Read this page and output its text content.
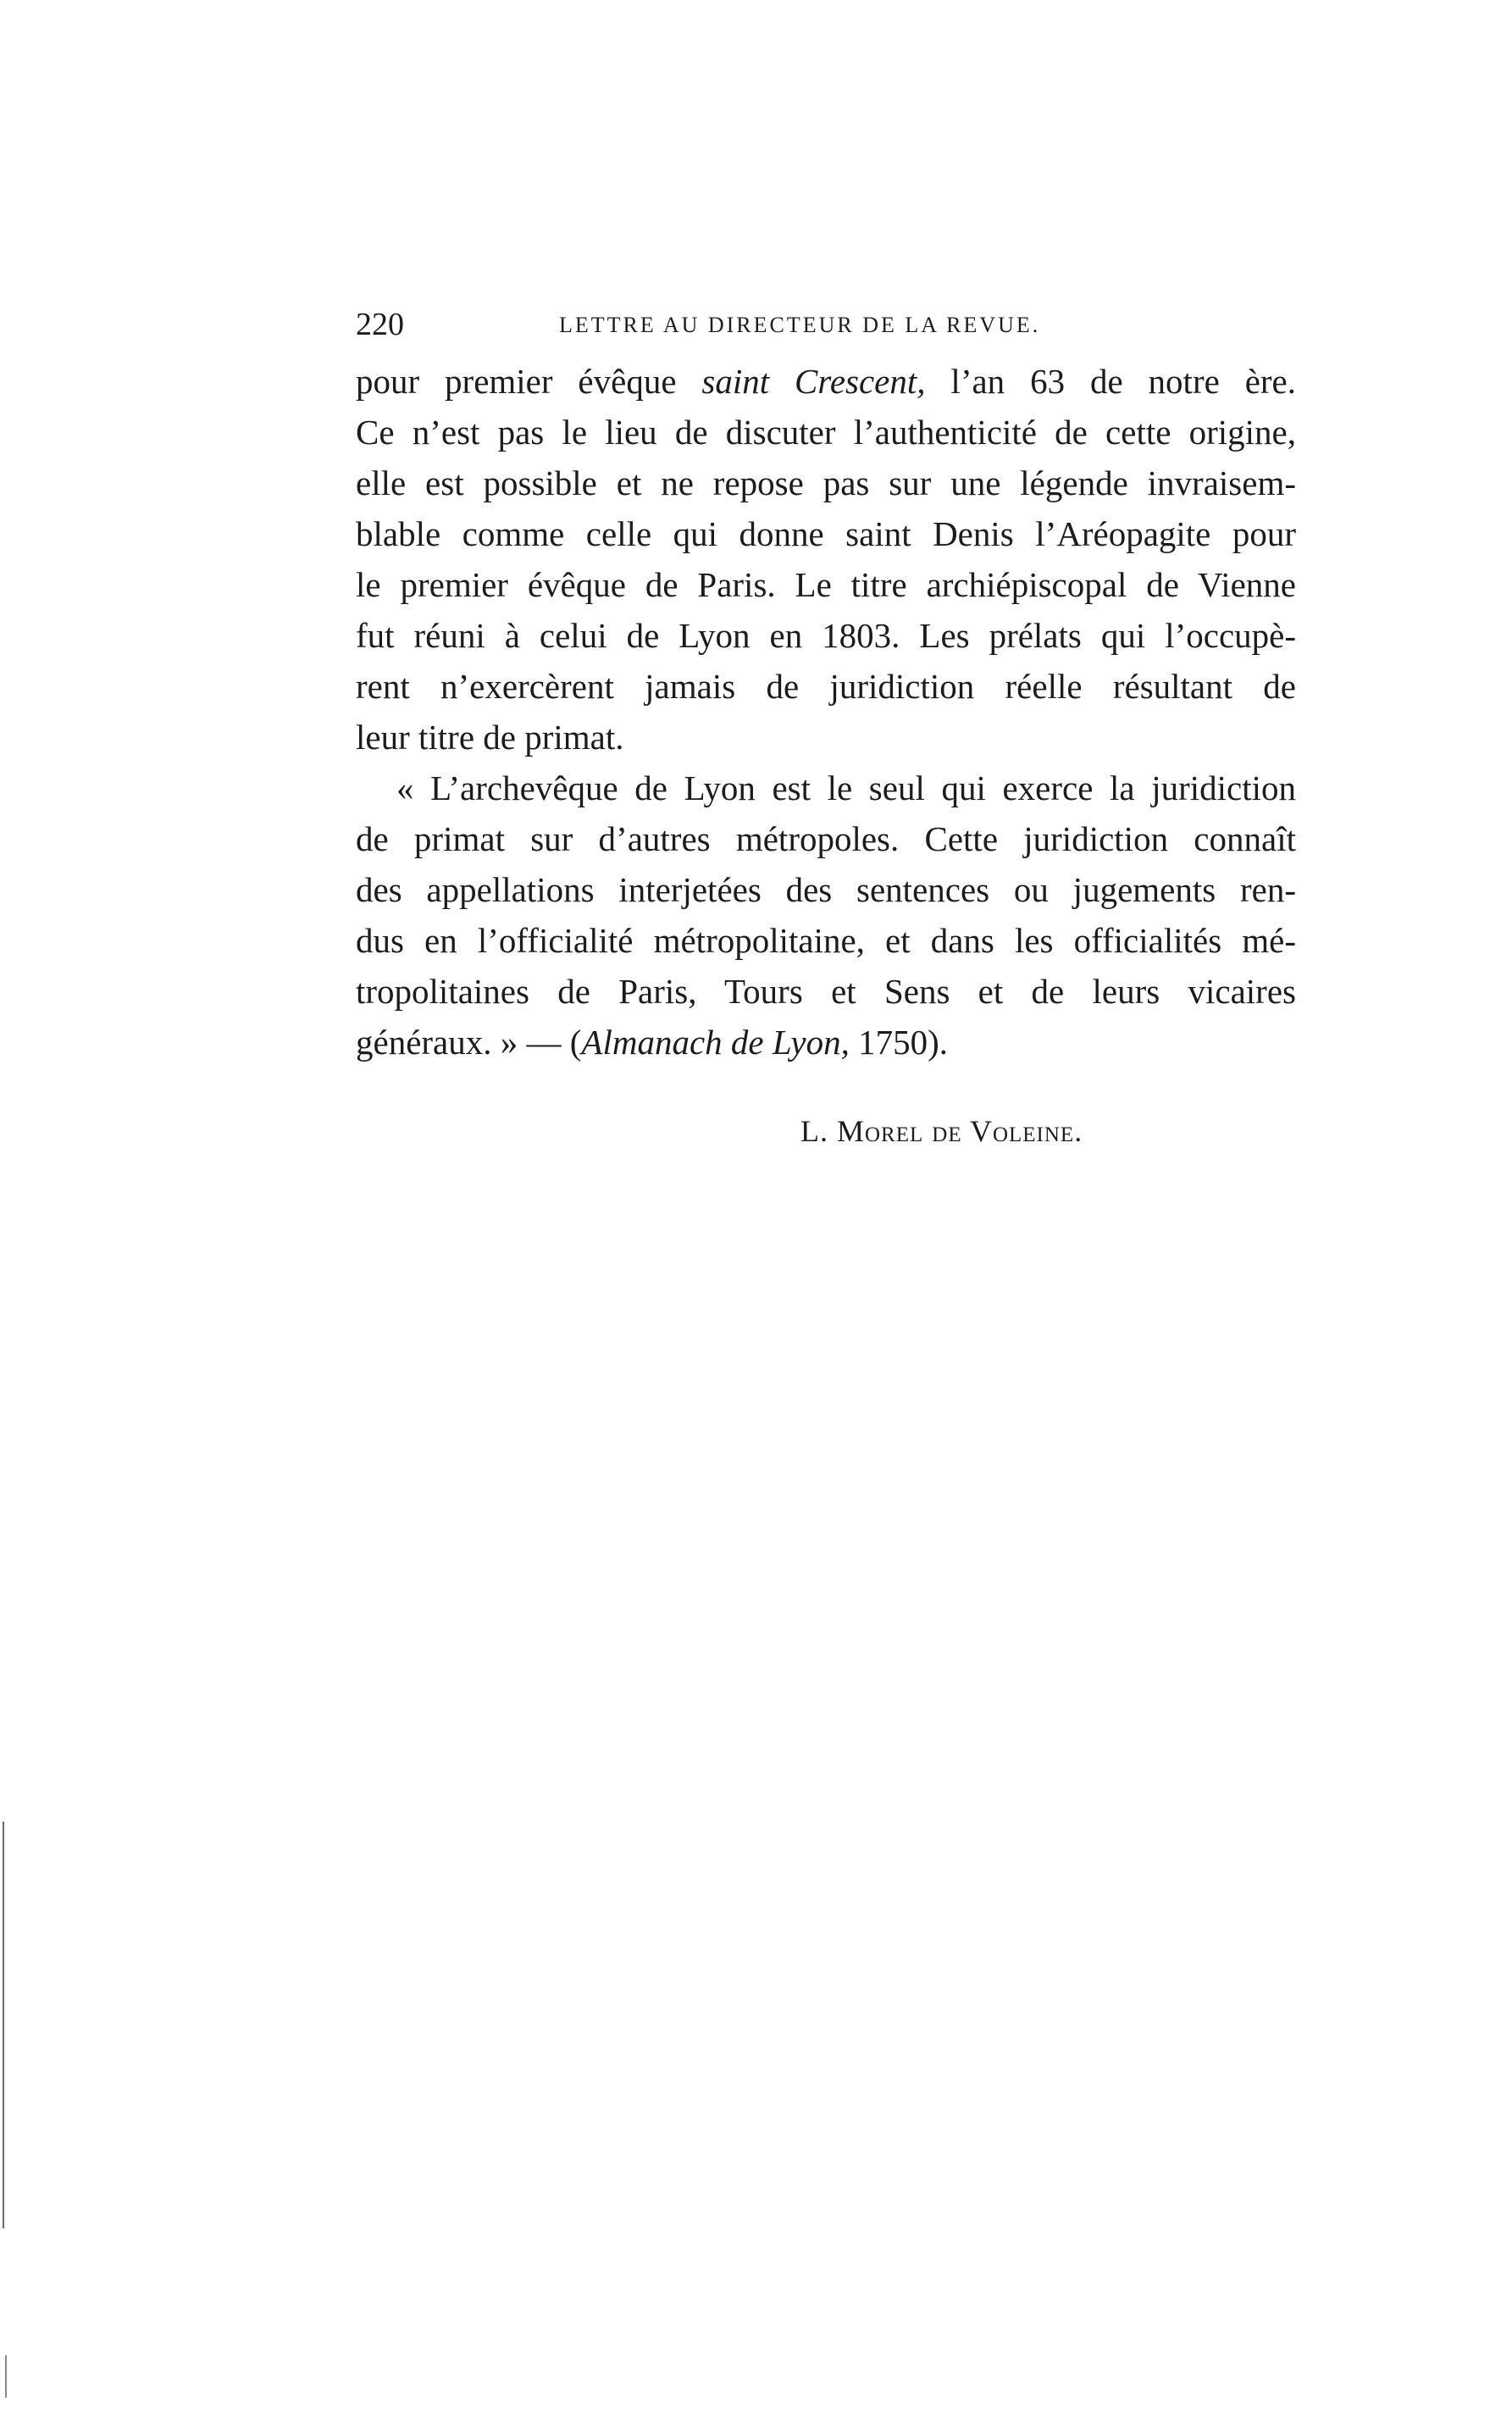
220	LETTRE AU DIRECTEUR DE LA REVUE.
pour premier évêque saint Crescent, l’an 63 de notre ère.
Ce n’est pas le lieu de discuter l’authenticité de cette origine,
elle est possible et ne repose pas sur une légende invraisem-
blable comme celle qui donne saint Denis l’Aréopagite pour
le premier évêque de Paris. Le titre archiépiscopal de Vienne
fut réuni à celui de Lyon en 1803. Les prélats qui l’occupè-
rent n’exercèrent jamais de juridiction réelle résultant de
leur titre de primat.
« L’archevêque de Lyon est le seul qui exerce la juridiction
de primat sur d’autres métropoles. Cette juridiction connaît
des appellations interjetées des sentences ou jugements ren-
dus en l’officialité métropolitaine, et dans les officialités mé-
tropolitaines de Paris, Tours et Sens et de leurs vicaires
généraux. » — (Almanach de Lyon, 1750).
L. Morel de Voleine.
